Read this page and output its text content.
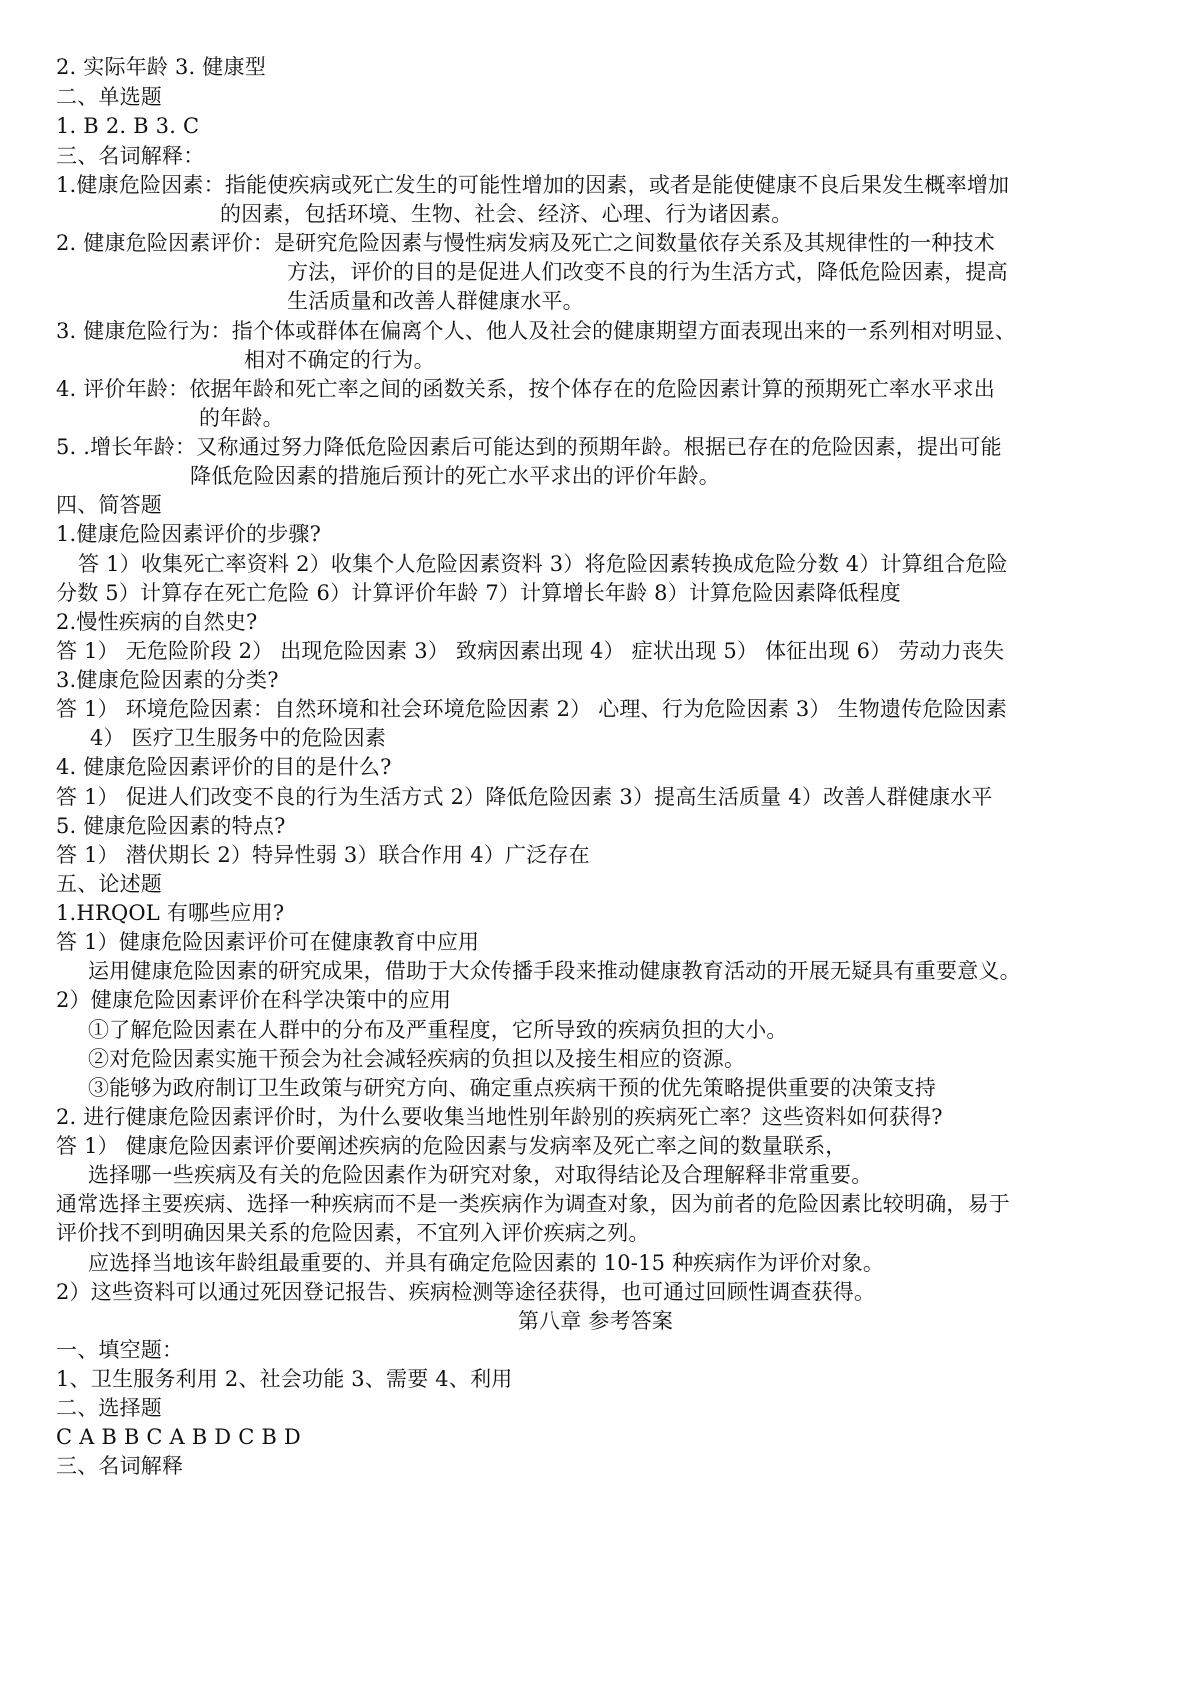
2. 实际年龄 3. 健康型
二、单选题
1. B 2. B 3. C
三、名词解释：
1.健康危险因素：指能使疾病或死亡发生的可能性增加的因素，或者是能使健康不良后果发生概率增加
的因素，包括环境、生物、社会、经济、心理、行为诸因素。
2. 健康危险因素评价：是研究危险因素与慢性病发病及死亡之间数量依存关系及其规律性的一种技术
方法，评价的目的是促进人们改变不良的行为生活方式，降低危险因素，提高
生活质量和改善人群健康水平。
3. 健康危险行为：指个体或群体在偏离个人、他人及社会的健康期望方面表现出来的一系列相对明显、
相对不确定的行为。
4. 评价年龄：依据年龄和死亡率之间的函数关系，按个体存在的危险因素计算的预期死亡率水平求出
的年龄。
5. .增长年龄：又称通过努力降低危险因素后可能达到的预期年龄。根据已存在的危险因素，提出可能
降低危险因素的措施后预计的死亡水平求出的评价年龄。
四、简答题
1.健康危险因素评价的步骤?
答 1）收集死亡率资料 2）收集个人危险因素资料 3）将危险因素转换成危险分数 4）计算组合危险
分数 5）计算存在死亡危险 6）计算评价年龄 7）计算增长年龄 8）计算危险因素降低程度
2.慢性疾病的自然史?
答 1） 无危险阶段 2） 出现危险因素 3） 致病因素出现 4） 症状出现 5） 体征出现 6） 劳动力丧失
3.健康危险因素的分类?
答 1） 环境危险因素：自然环境和社会环境危险因素 2） 心理、行为危险因素 3） 生物遗传危险因素
4） 医疗卫生服务中的危险因素
4. 健康危险因素评价的目的是什么?
答 1） 促进人们改变不良的行为生活方式 2）降低危险因素 3）提高生活质量 4）改善人群健康水平
5. 健康危险因素的特点?
答 1） 潜伏期长 2）特异性弱 3）联合作用 4）广泛存在
五、论述题
1.HRQOL 有哪些应用?
答 1）健康危险因素评价可在健康教育中应用
运用健康危险因素的研究成果，借助于大众传播手段来推动健康教育活动的开展无疑具有重要意义。
2）健康危险因素评价在科学决策中的应用
①了解危险因素在人群中的分布及严重程度，它所导致的疾病负担的大小。
②对危险因素实施干预会为社会减轻疾病的负担以及接生相应的资源。
③能够为政府制订卫生政策与研究方向、确定重点疾病干预的优先策略提供重要的决策支持
2. 进行健康危险因素评价时，为什么要收集当地性别年龄别的疾病死亡率？这些资料如何获得?
答 1） 健康危险因素评价要阐述疾病的危险因素与发病率及死亡率之间的数量联系，
选择哪一些疾病及有关的危险因素作为研究对象，对取得结论及合理解释非常重要。
通常选择主要疾病、选择一种疾病而不是一类疾病作为调查对象，因为前者的危险因素比较明确，易于
评价找不到明确因果关系的危险因素，不宜列入评价疾病之列。
应选择当地该年龄组最重要的、并具有确定危险因素的 10-15 种疾病作为评价对象。
2）这些资料可以通过死因登记报告、疾病检测等途径获得，也可通过回顾性调查获得。
第八章 参考答案
一、填空题：
1、卫生服务利用 2、社会功能 3、需要 4、利用
二、选择题
C A B B C A B D C B D
三、名词解释
